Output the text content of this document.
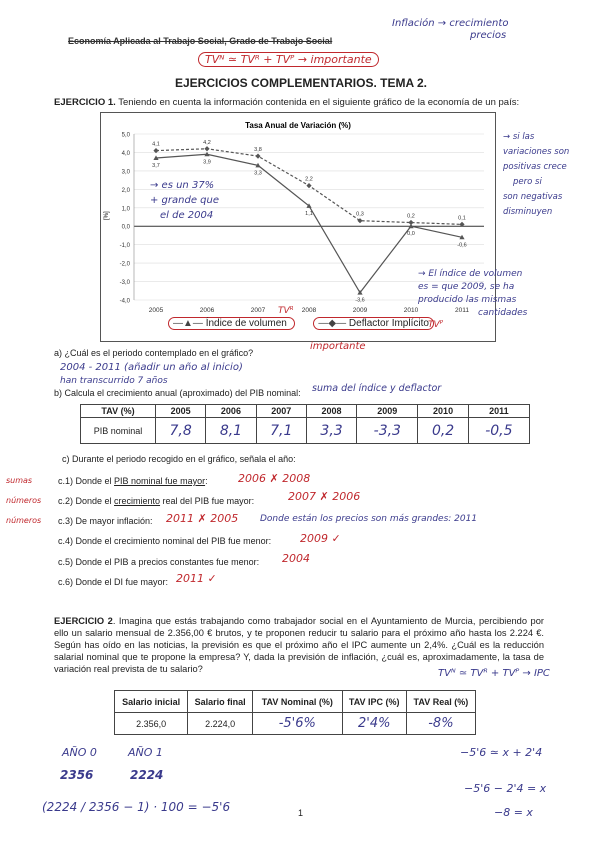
Economía Aplicada al Trabajo Social, Grado de Trabajo Social
Inflación → crecimiento
precios
TVᴺ ≃ TVᴿ + TVᴾ → importante
EJERCICIOS COMPLEMENTARIOS. TEMA 2.
EJERCICIO 1. Teniendo en cuenta la información contenida en el siguiente gráfico de la economía de un país:
Tasa Anual de Variación (%)
[%]
5,0
4,0
3,0
2,0
1,0
0,0
-1,0
-2,0
-3,0
-4,0
2005	2006	2007	2008	2009	2010	2011
3,7
3,9
3,3
1,1
-3,6
0,0
-0,6
4,1	4,2
3,8
2,2
0,3	0,2	0,1
—▲— Índice de volumen	—◆— Deflactor Implícito
TVᴿ
TVᴾ
importante
→ si las
variaciones son
positivas crece
pero si
son negativas
disminuyen
→ es un 37%
+ grande que
el de 2004
→ El índice de volumen
es = que 2009, se ha
producido las mismas
cantidades
a) ¿Cuál es el periodo contemplado en el gráfico?
2004 - 2011 (añadir un año al inicio)
han transcurrido 7 años
b) Calcula el crecimiento anual (aproximado) del PIB nominal: suma del índice y deflactor
TAV (%)	2005	2006	2007	2008	2009	2010	2011
PIB nominal	7,8	8,1	7,1	3,3	-3,3	0,2	-0,5
c) Durante el periodo recogido en el gráfico, señala el año:
sumas	c.1) Donde el PIB nominal fue mayor:	2006 ✗ 2008
números c.2) Donde el crecimiento real del PIB fue mayor:	2007 ✗ 2006
números c.3) De mayor inflación: 2011 ✗ 2005 Donde están los precios son más grandes: 2011
c.4) Donde el crecimiento nominal del PIB fue menor:	2009 ✓
c.5) Donde el PIB a precios constantes fue menor: 2004
c.6) Donde el DI fue mayor: 2011 ✓
EJERCICIO 2. Imagina que estás trabajando como trabajador social en el Ayuntamiento de Murcia, percibiendo por ello un salario mensual de 2.356,00 € brutos, y te proponen reducir tu salario para el próximo año hasta los 2.224 €. Según has oído en las noticias, la previsión es que el próximo año el IPC aumente un 2,4%. ¿Cuál es la reducción salarial nominal que te propone la empresa? Y, dada la previsión de inflación, ¿cuál es, aproximadamente, la tasa de variación real prevista de tu salario?	TVᴺ ≃ TVᴿ + TVᴾ → IPC
Salario inicial	Salario final	TAV Nominal (%)	TAV IPC (%)	TAV Real (%)
2.356,0	2.224,0	-5'6%	2'4%	-8%
AÑO 0	AÑO 1
2356	2224
(2224 / 2356 − 1) · 100 = −5'6
−5'6 ≃ x + 2'4
−5'6 − 2'4 = x
−8 = x
1
